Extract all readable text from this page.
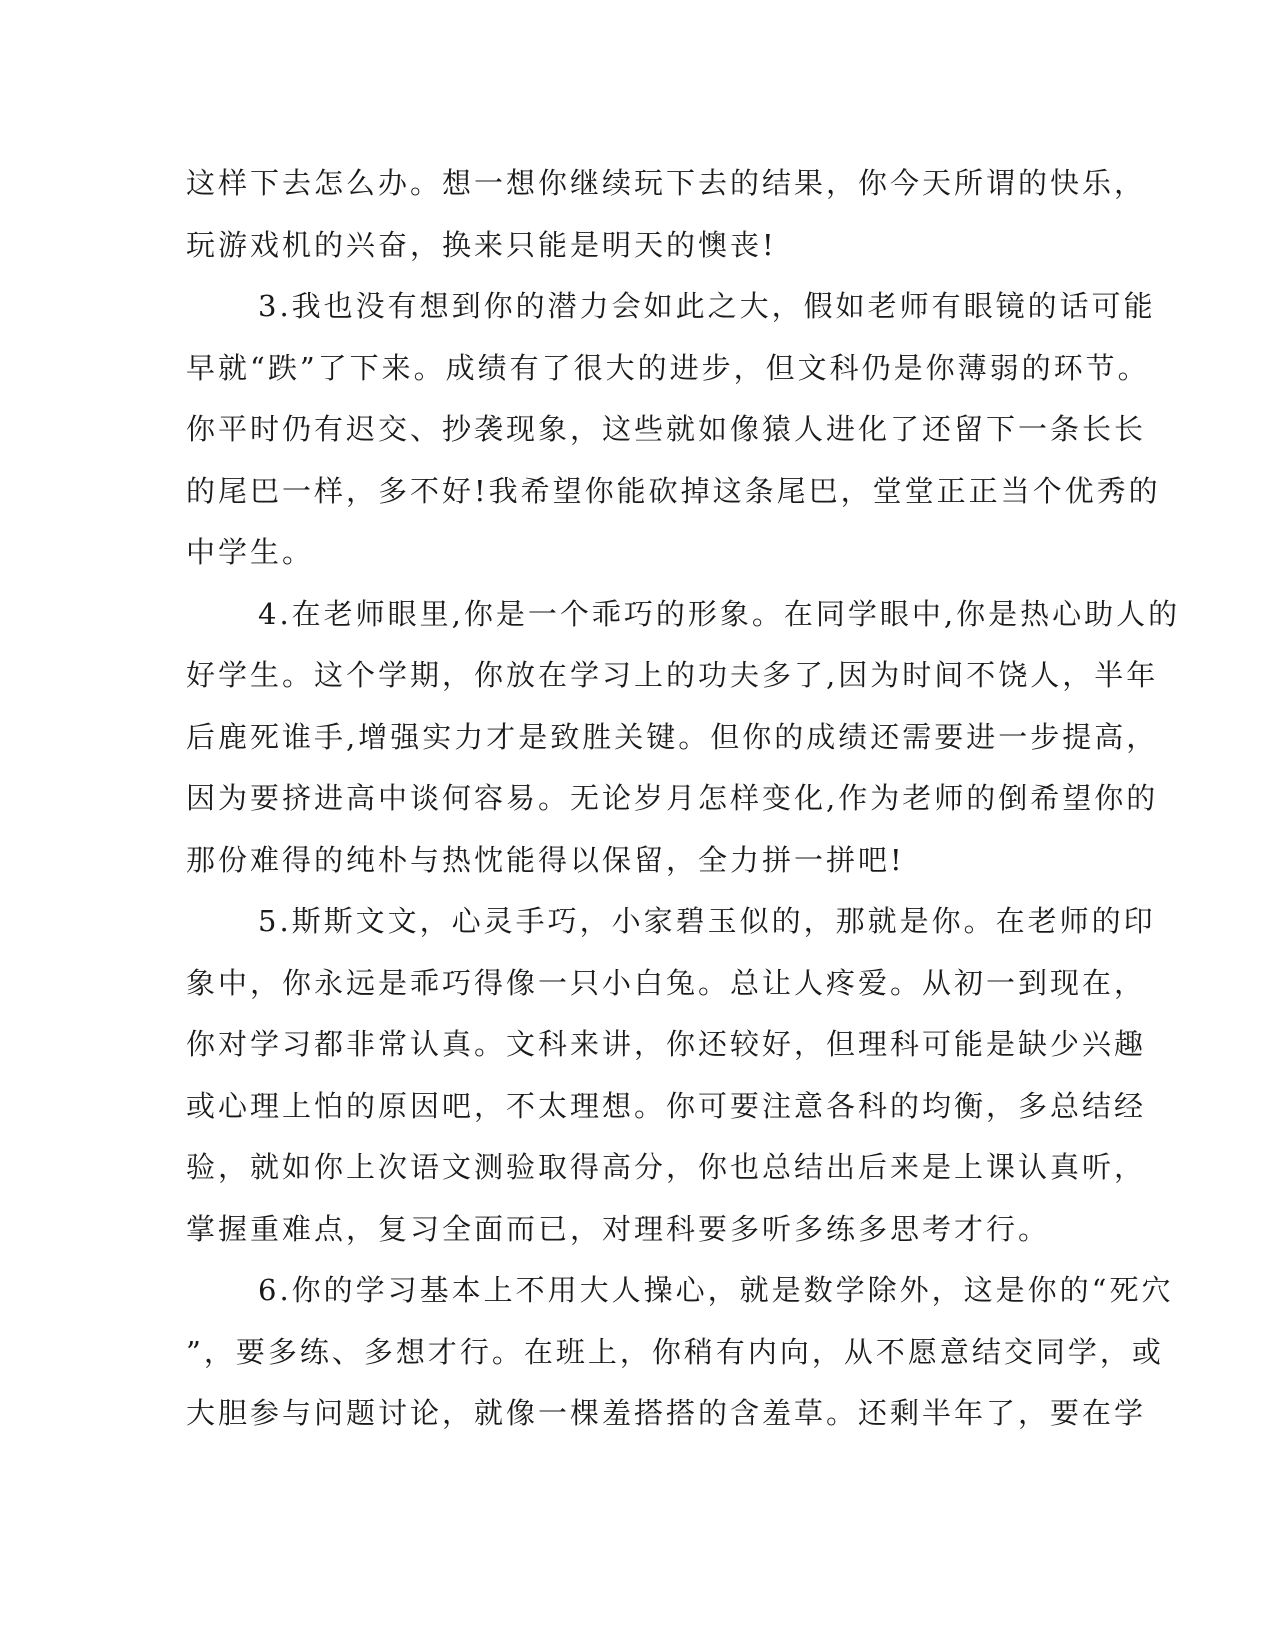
这样下去怎么办。想一想你继续玩下去的结果，你今天所谓的快乐，
玩游戏机的兴奋，换来只能是明天的懊丧!
3.我也没有想到你的潜力会如此之大，假如老师有眼镜的话可能
早就“跌”了下来。成绩有了很大的进步，但文科仍是你薄弱的环节。
你平时仍有迟交、抄袭现象，这些就如像猿人进化了还留下一条长长
的尾巴一样，多不好!我希望你能砍掉这条尾巴，堂堂正正当个优秀的
中学生。
4.在老师眼里,你是一个乖巧的形象。在同学眼中,你是热心助人的
好学生。这个学期，你放在学习上的功夫多了,因为时间不饶人，半年
后鹿死谁手,增强实力才是致胜关键。但你的成绩还需要进一步提高，
因为要挤进高中谈何容易。无论岁月怎样变化,作为老师的倒希望你的
那份难得的纯朴与热忱能得以保留，全力拼一拼吧!
5.斯斯文文，心灵手巧，小家碧玉似的，那就是你。在老师的印
象中，你永远是乖巧得像一只小白兔。总让人疼爱。从初一到现在，
你对学习都非常认真。文科来讲，你还较好，但理科可能是缺少兴趣
或心理上怕的原因吧，不太理想。你可要注意各科的均衡，多总结经
验，就如你上次语文测验取得高分，你也总结出后来是上课认真听，
掌握重难点，复习全面而已，对理科要多听多练多思考才行。
6.你的学习基本上不用大人操心，就是数学除外，这是你的“死穴
”，要多练、多想才行。在班上，你稍有内向，从不愿意结交同学，或
大胆参与问题讨论，就像一棵羞搭搭的含羞草。还剩半年了，要在学
